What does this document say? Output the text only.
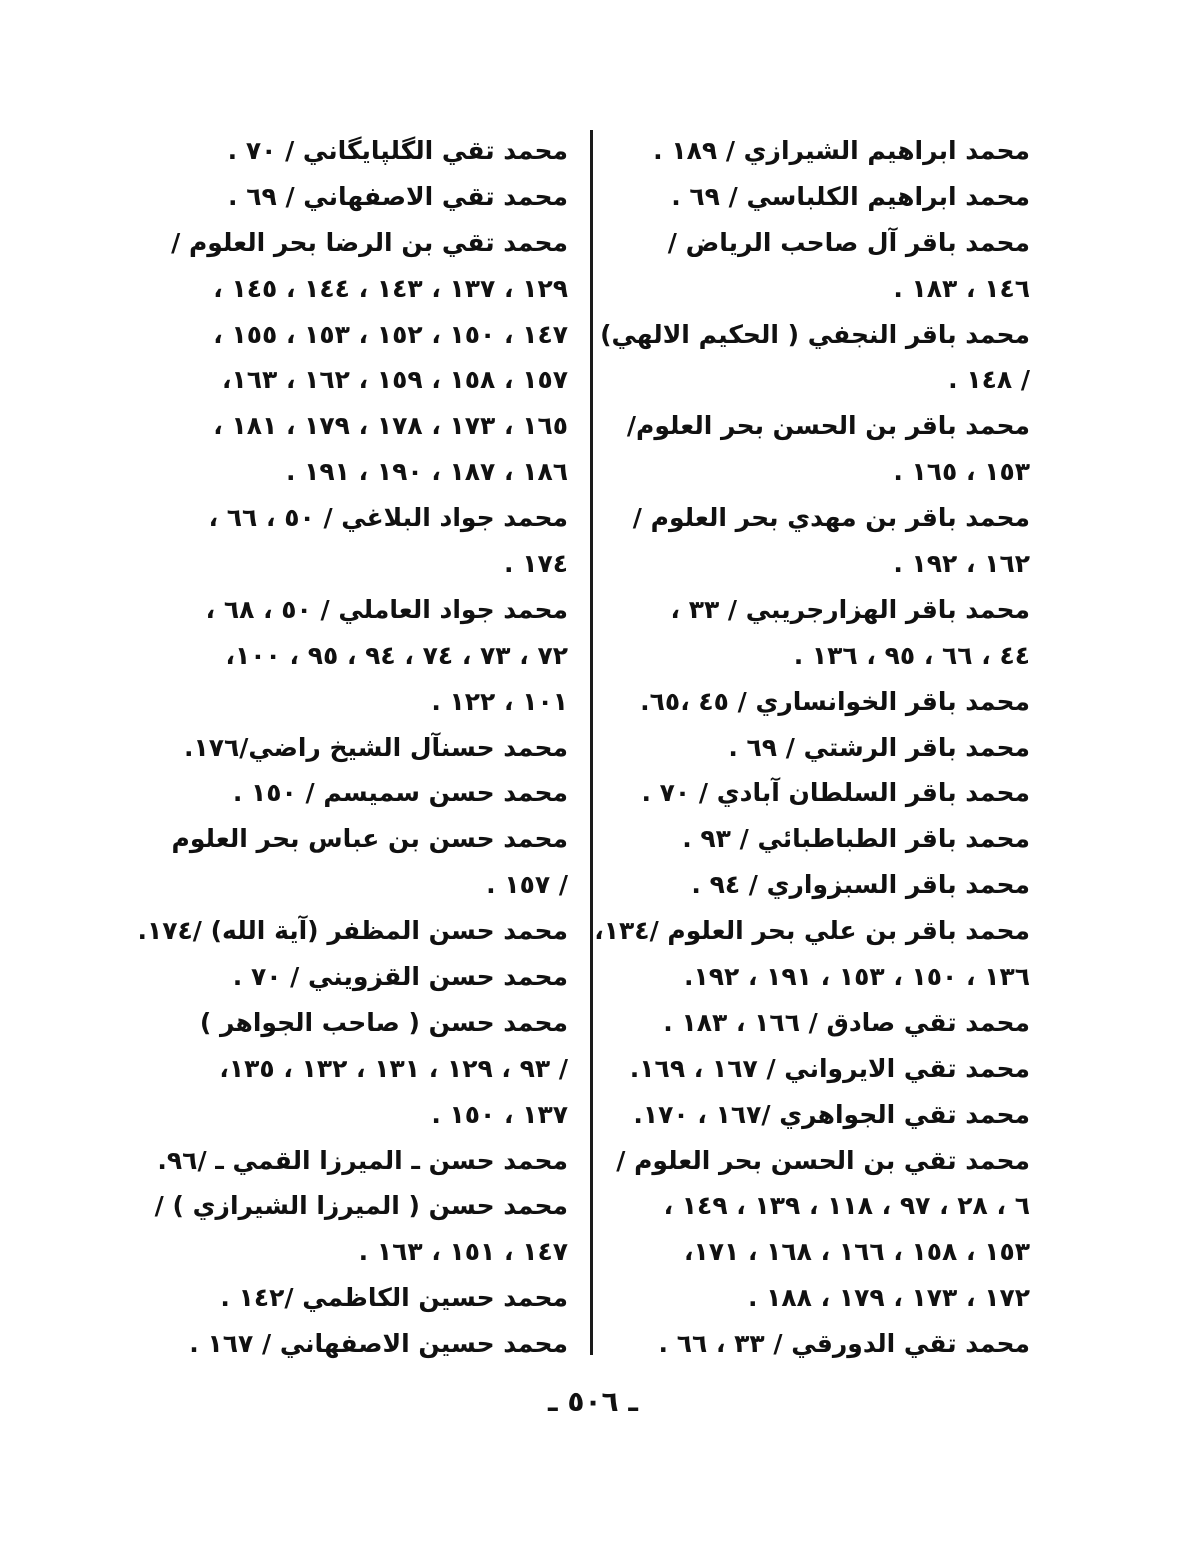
محمد ابراهيم الشيرازي / ١٨٩ .
محمد ابراهيم الكلباسي / ٦٩ .
محمد باقر آل صاحب الرياض /
١٤٦ ، ١٨٣ .
محمد باقر النجفي ( الحكيم الالهي)
/ ١٤٨ .
محمد باقر بن الحسن بحر العلوم/
١٥٣ ، ١٦٥ .
محمد باقر بن مهدي بحر العلوم /
١٦٢ ، ١٩٢ .
محمد باقر الهزارجريبي / ٣٣ ،
٤٤ ، ٦٦ ، ٩٥ ، ١٣٦ .
محمد باقر الخوانساري / ٤٥ ،٦٥.
محمد باقر الرشتي / ٦٩ .
محمد باقر السلطان آبادي / ٧٠ .
محمد باقر الطباطبائي / ٩٣ .
محمد باقر السبزواري / ٩٤ .
محمد باقر بن علي بحر العلوم /١٣٤،
١٣٦ ، ١٥٠ ، ١٥٣ ، ١٩١ ، ١٩٢.
محمد تقي صادق / ١٦٦ ، ١٨٣ .
محمد تقي الايرواني / ١٦٧ ، ١٦٩.
محمد تقي الجواهري /١٦٧ ، ١٧٠.
محمد تقي بن الحسن بحر العلوم /
٦ ، ٢٨ ، ٩٧ ، ١١٨ ، ١٣٩ ، ١٤٩ ،
١٥٣ ، ١٥٨ ، ١٦٦ ، ١٦٨ ، ١٧١،
١٧٢ ، ١٧٣ ، ١٧٩ ، ١٨٨ .
محمد تقي الدورقي / ٣٣ ، ٦٦ .
محمد تقي الگلپايگاني / ٧٠ .
محمد تقي الاصفهاني / ٦٩ .
محمد تقي بن الرضا بحر العلوم /
١٢٩ ، ١٣٧ ، ١٤٣ ، ١٤٤ ، ١٤٥ ،
١٤٧ ، ١٥٠ ، ١٥٢ ، ١٥٣ ، ١٥٥ ،
١٥٧ ، ١٥٨ ، ١٥٩ ، ١٦٢ ، ١٦٣،
١٦٥ ، ١٧٣ ، ١٧٨ ، ١٧٩ ، ١٨١ ،
١٨٦ ، ١٨٧ ، ١٩٠ ، ١٩١ .
محمد جواد البلاغي / ٥٠ ، ٦٦ ،
١٧٤ .
محمد جواد العاملي / ٥٠ ، ٦٨ ،
٧٢ ، ٧٣ ، ٧٤ ، ٩٤ ، ٩٥ ، ١٠٠،
١٠١ ، ١٢٢ .
محمد حسنآل الشيخ راضي/١٧٦.
محمد حسن سميسم / ١٥٠ .
محمد حسن بن عباس بحر العلوم
/ ١٥٧ .
محمد حسن المظفر (آية الله) /١٧٤.
محمد حسن القزويني / ٧٠ .
محمد حسن ( صاحب الجواهر )
/ ٩٣ ، ١٢٩ ، ١٣١ ، ١٣٢ ، ١٣٥،
١٣٧ ، ١٥٠ .
محمد حسن ـ الميرزا القمي ـ /٩٦.
محمد حسن ( الميرزا الشيرازي ) /
١٤٧ ، ١٥١ ، ١٦٣ .
محمد حسين الكاظمي /١٤٢ .
محمد حسين الاصفهاني / ١٦٧ .
ـ ٥٠٦ ـ
